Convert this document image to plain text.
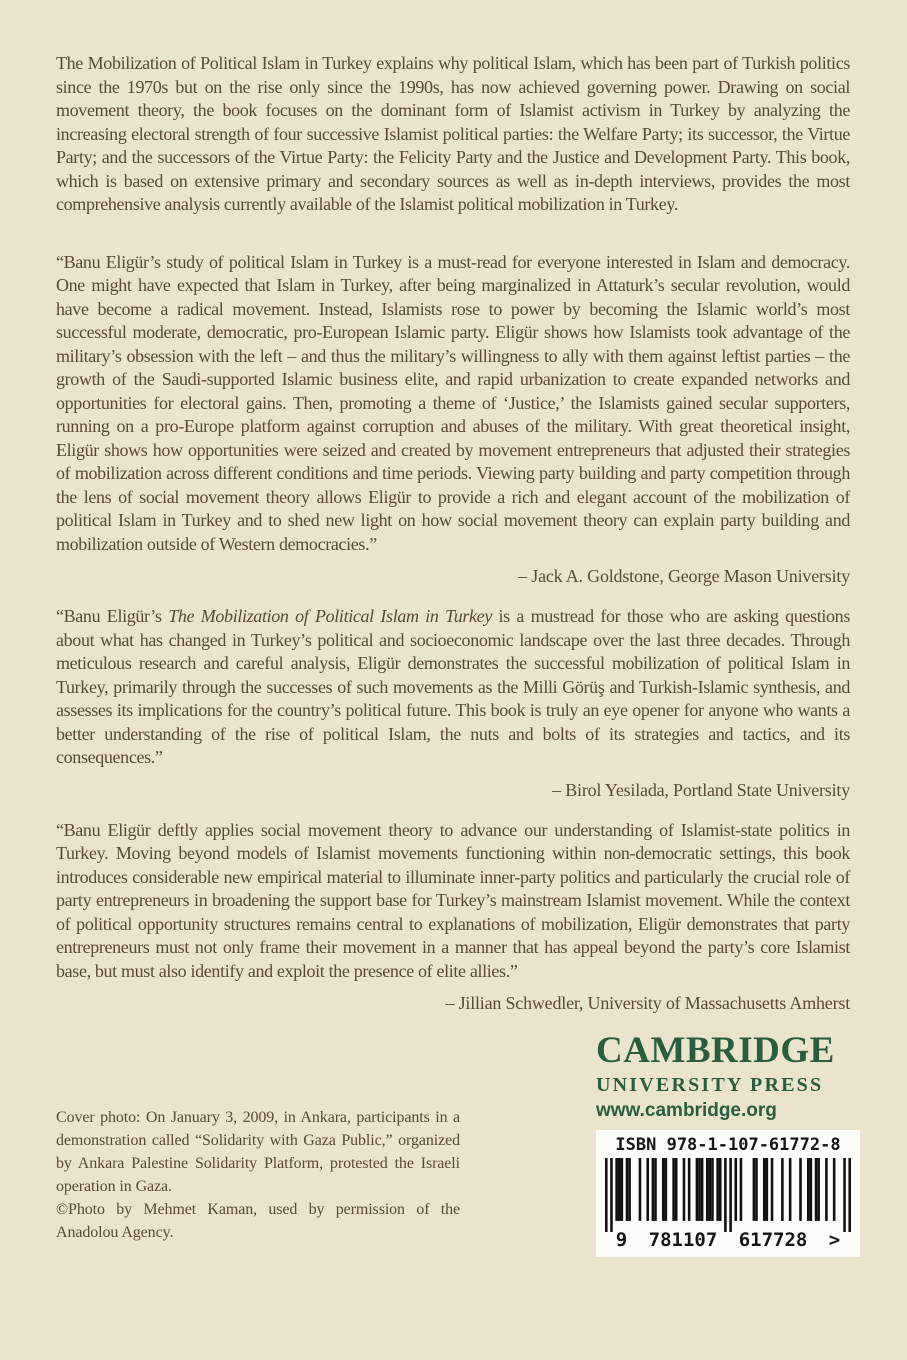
The Mobilization of Political Islam in Turkey explains why political Islam, which has been part of Turkish politics since the 1970s but on the rise only since the 1990s, has now achieved governing power. Drawing on social movement theory, the book focuses on the dominant form of Islamist activism in Turkey by analyzing the increasing electoral strength of four successive Islamist political parties: the Welfare Party; its successor, the Virtue Party; and the successors of the Virtue Party: the Felicity Party and the Justice and Development Party. This book, which is based on extensive primary and secondary sources as well as in-depth interviews, provides the most comprehensive analysis currently available of the Islamist political mobilization in Turkey.

“Banu Eligür’s study of political Islam in Turkey is a must-read for everyone interested in Islam and democracy. One might have expected that Islam in Turkey, after being marginalized in Attaturk’s secular revolution, would have become a radical movement. Instead, Islamists rose to power by becoming the Islamic world’s most successful moderate, democratic, pro-European Islamic party. Eligür shows how Islamists took advantage of the military’s obsession with the left – and thus the military’s willingness to ally with them against leftist parties – the growth of the Saudi-supported Islamic business elite, and rapid urbanization to create expanded networks and opportunities for electoral gains. Then, promoting a theme of ‘Justice,’ the Islamists gained secular supporters, running on a pro-Europe platform against corruption and abuses of the military. With great theoretical insight, Eligür shows how opportunities were seized and created by movement entrepreneurs that adjusted their strategies of mobilization across different conditions and time periods. Viewing party building and party competition through the lens of social movement theory allows Eligür to provide a rich and elegant account of the mobilization of political Islam in Turkey and to shed new light on how social movement theory can explain party building and mobilization outside of Western democracies.”

– Jack A. Goldstone, George Mason University

“Banu Eligür’s The Mobilization of Political Islam in Turkey is a mustread for those who are asking questions about what has changed in Turkey’s political and socioeconomic landscape over the last three decades. Through meticulous research and careful analysis, Eligür demonstrates the successful mobilization of political Islam in Turkey, primarily through the successes of such movements as the Milli Görüş and Turkish-Islamic synthesis, and assesses its implications for the country’s political future. This book is truly an eye opener for anyone who wants a better understanding of the rise of political Islam, the nuts and bolts of its strategies and tactics, and its consequences.”

– Birol Yesilada, Portland State University

“Banu Eligür deftly applies social movement theory to advance our understanding of Islamist-state politics in Turkey. Moving beyond models of Islamist movements functioning within non-democratic settings, this book introduces considerable new empirical material to illuminate inner-party politics and particularly the crucial role of party entrepreneurs in broadening the support base for Turkey’s mainstream Islamist movement. While the context of political opportunity structures remains central to explanations of mobilization, Eligür demonstrates that party entrepreneurs must not only frame their movement in a manner that has appeal beyond the party’s core Islamist base, but must also identify and exploit the presence of elite allies.”

– Jillian Schwedler, University of Massachusetts Amherst

Cover photo: On January 3, 2009, in Ankara, participants in a demonstration called “Solidarity with Gaza Public,” organized by Ankara Palestine Solidarity Platform, protested the Israeli operation in Gaza.

©Photo by Mehmet Kaman, used by permission of the Anadolou Agency.

CAMBRIDGE
UNIVERSITY PRESS
www.cambridge.org
ISBN 978-1-107-61772-8
9 781107 617728 >
